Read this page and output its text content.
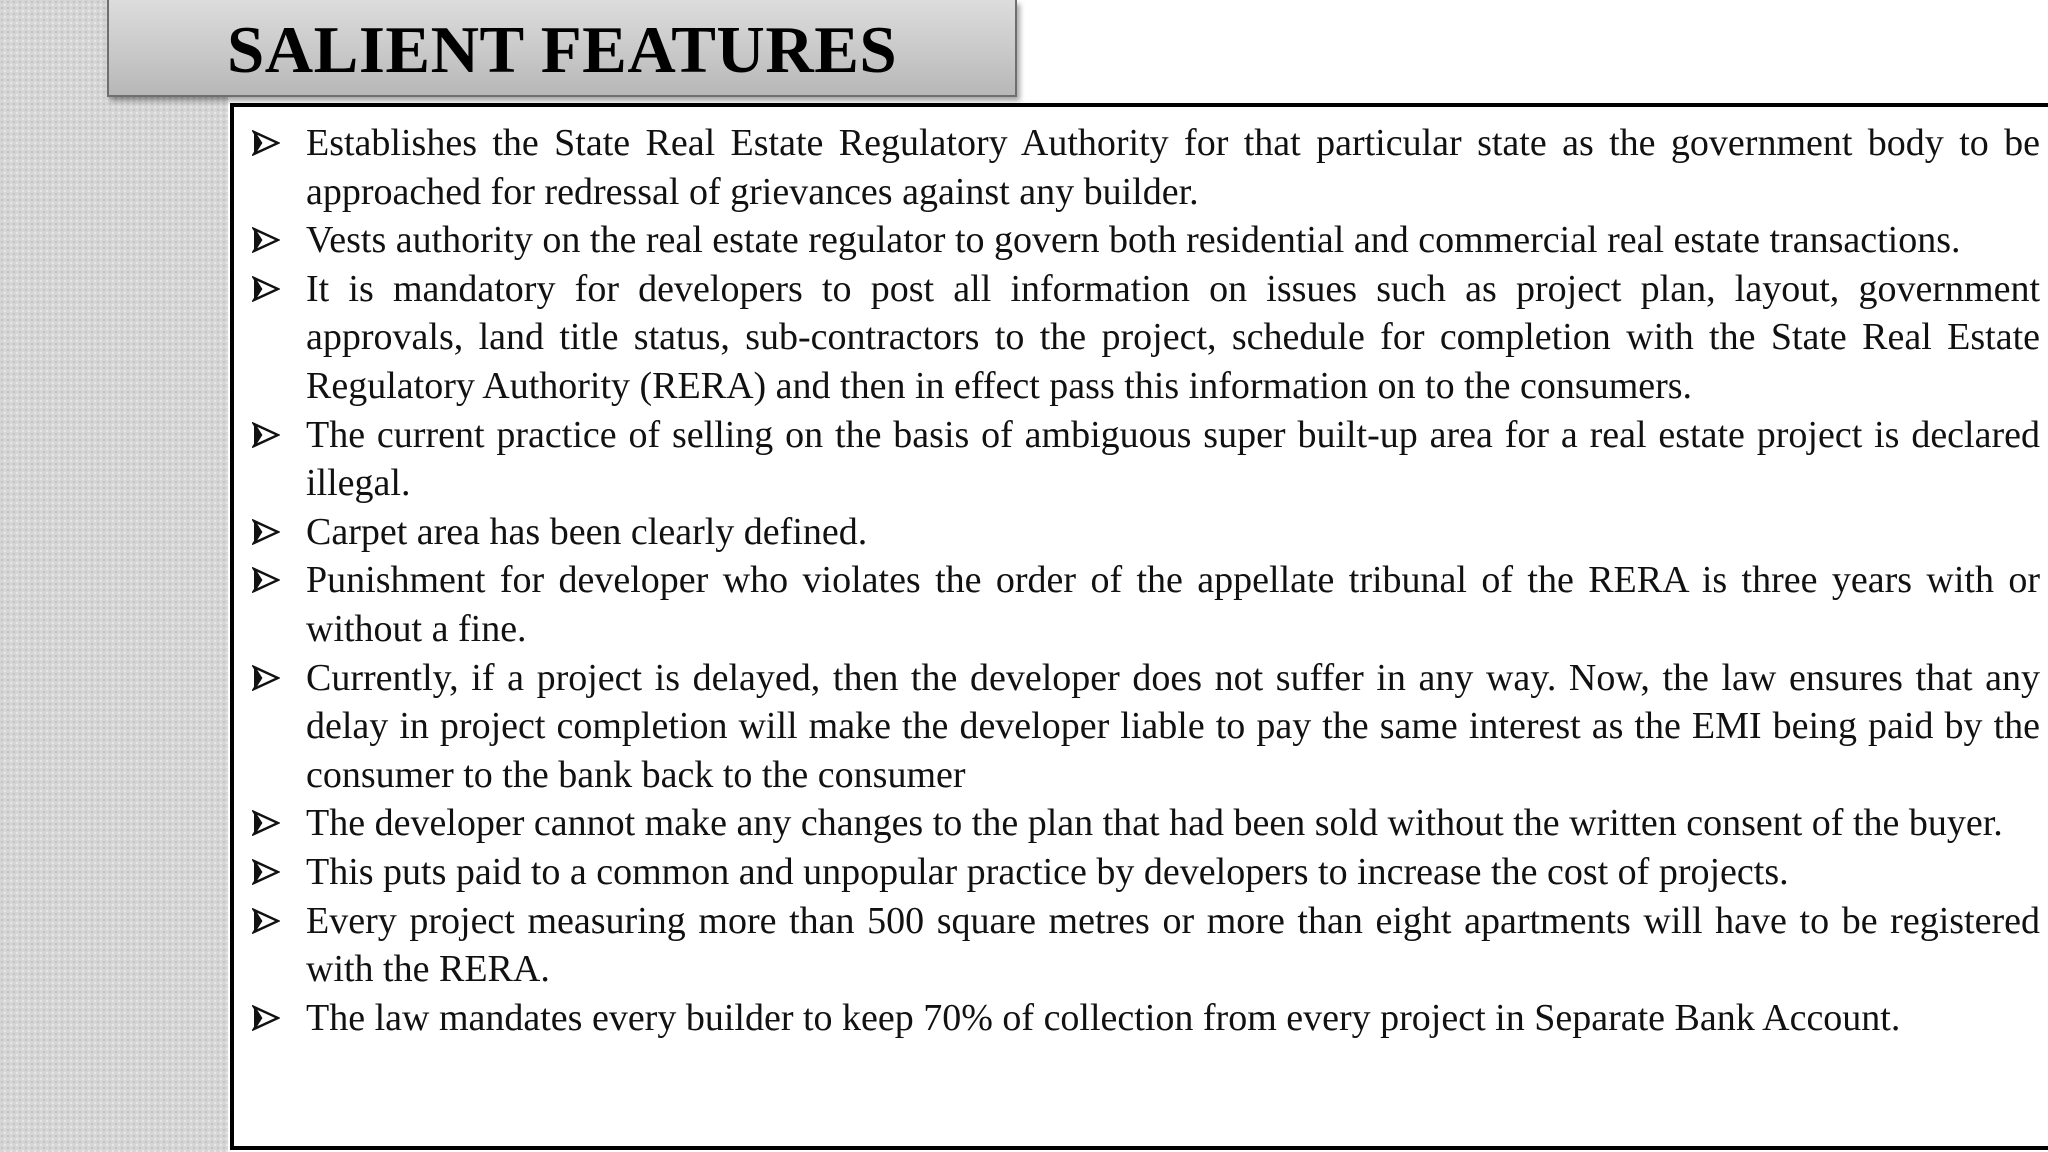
SALIENT FEATURES
Establishes the State Real Estate Regulatory Authority for that particular state as the government body to be approached for redressal of grievances against any builder.
Vests authority on the real estate regulator to govern both residential and commercial real estate transactions.
It is mandatory for developers to post all information on issues such as project plan, layout, government approvals, land title status, sub-contractors to the project, schedule for completion with the State Real Estate Regulatory Authority (RERA) and then in effect pass this information on to the consumers.
The current practice of selling on the basis of ambiguous super built-up area for a real estate project is declared illegal.
Carpet area has been clearly defined.
Punishment for developer who violates the order of the appellate tribunal of the RERA is three years with or without a fine.
Currently, if a project is delayed, then the developer does not suffer in any way. Now, the law ensures that any delay in project completion will make the developer liable to pay the same interest as the EMI being paid by the consumer to the bank back to the consumer
The developer cannot make any changes to the plan that had been sold without the written consent of the buyer.
This puts paid to a common and unpopular practice by developers to increase the cost of projects.
Every project measuring more than 500 square metres or more than eight apartments will have to be registered with the RERA.
The law mandates every builder to keep 70% of collection from every project in Separate Bank Account.
